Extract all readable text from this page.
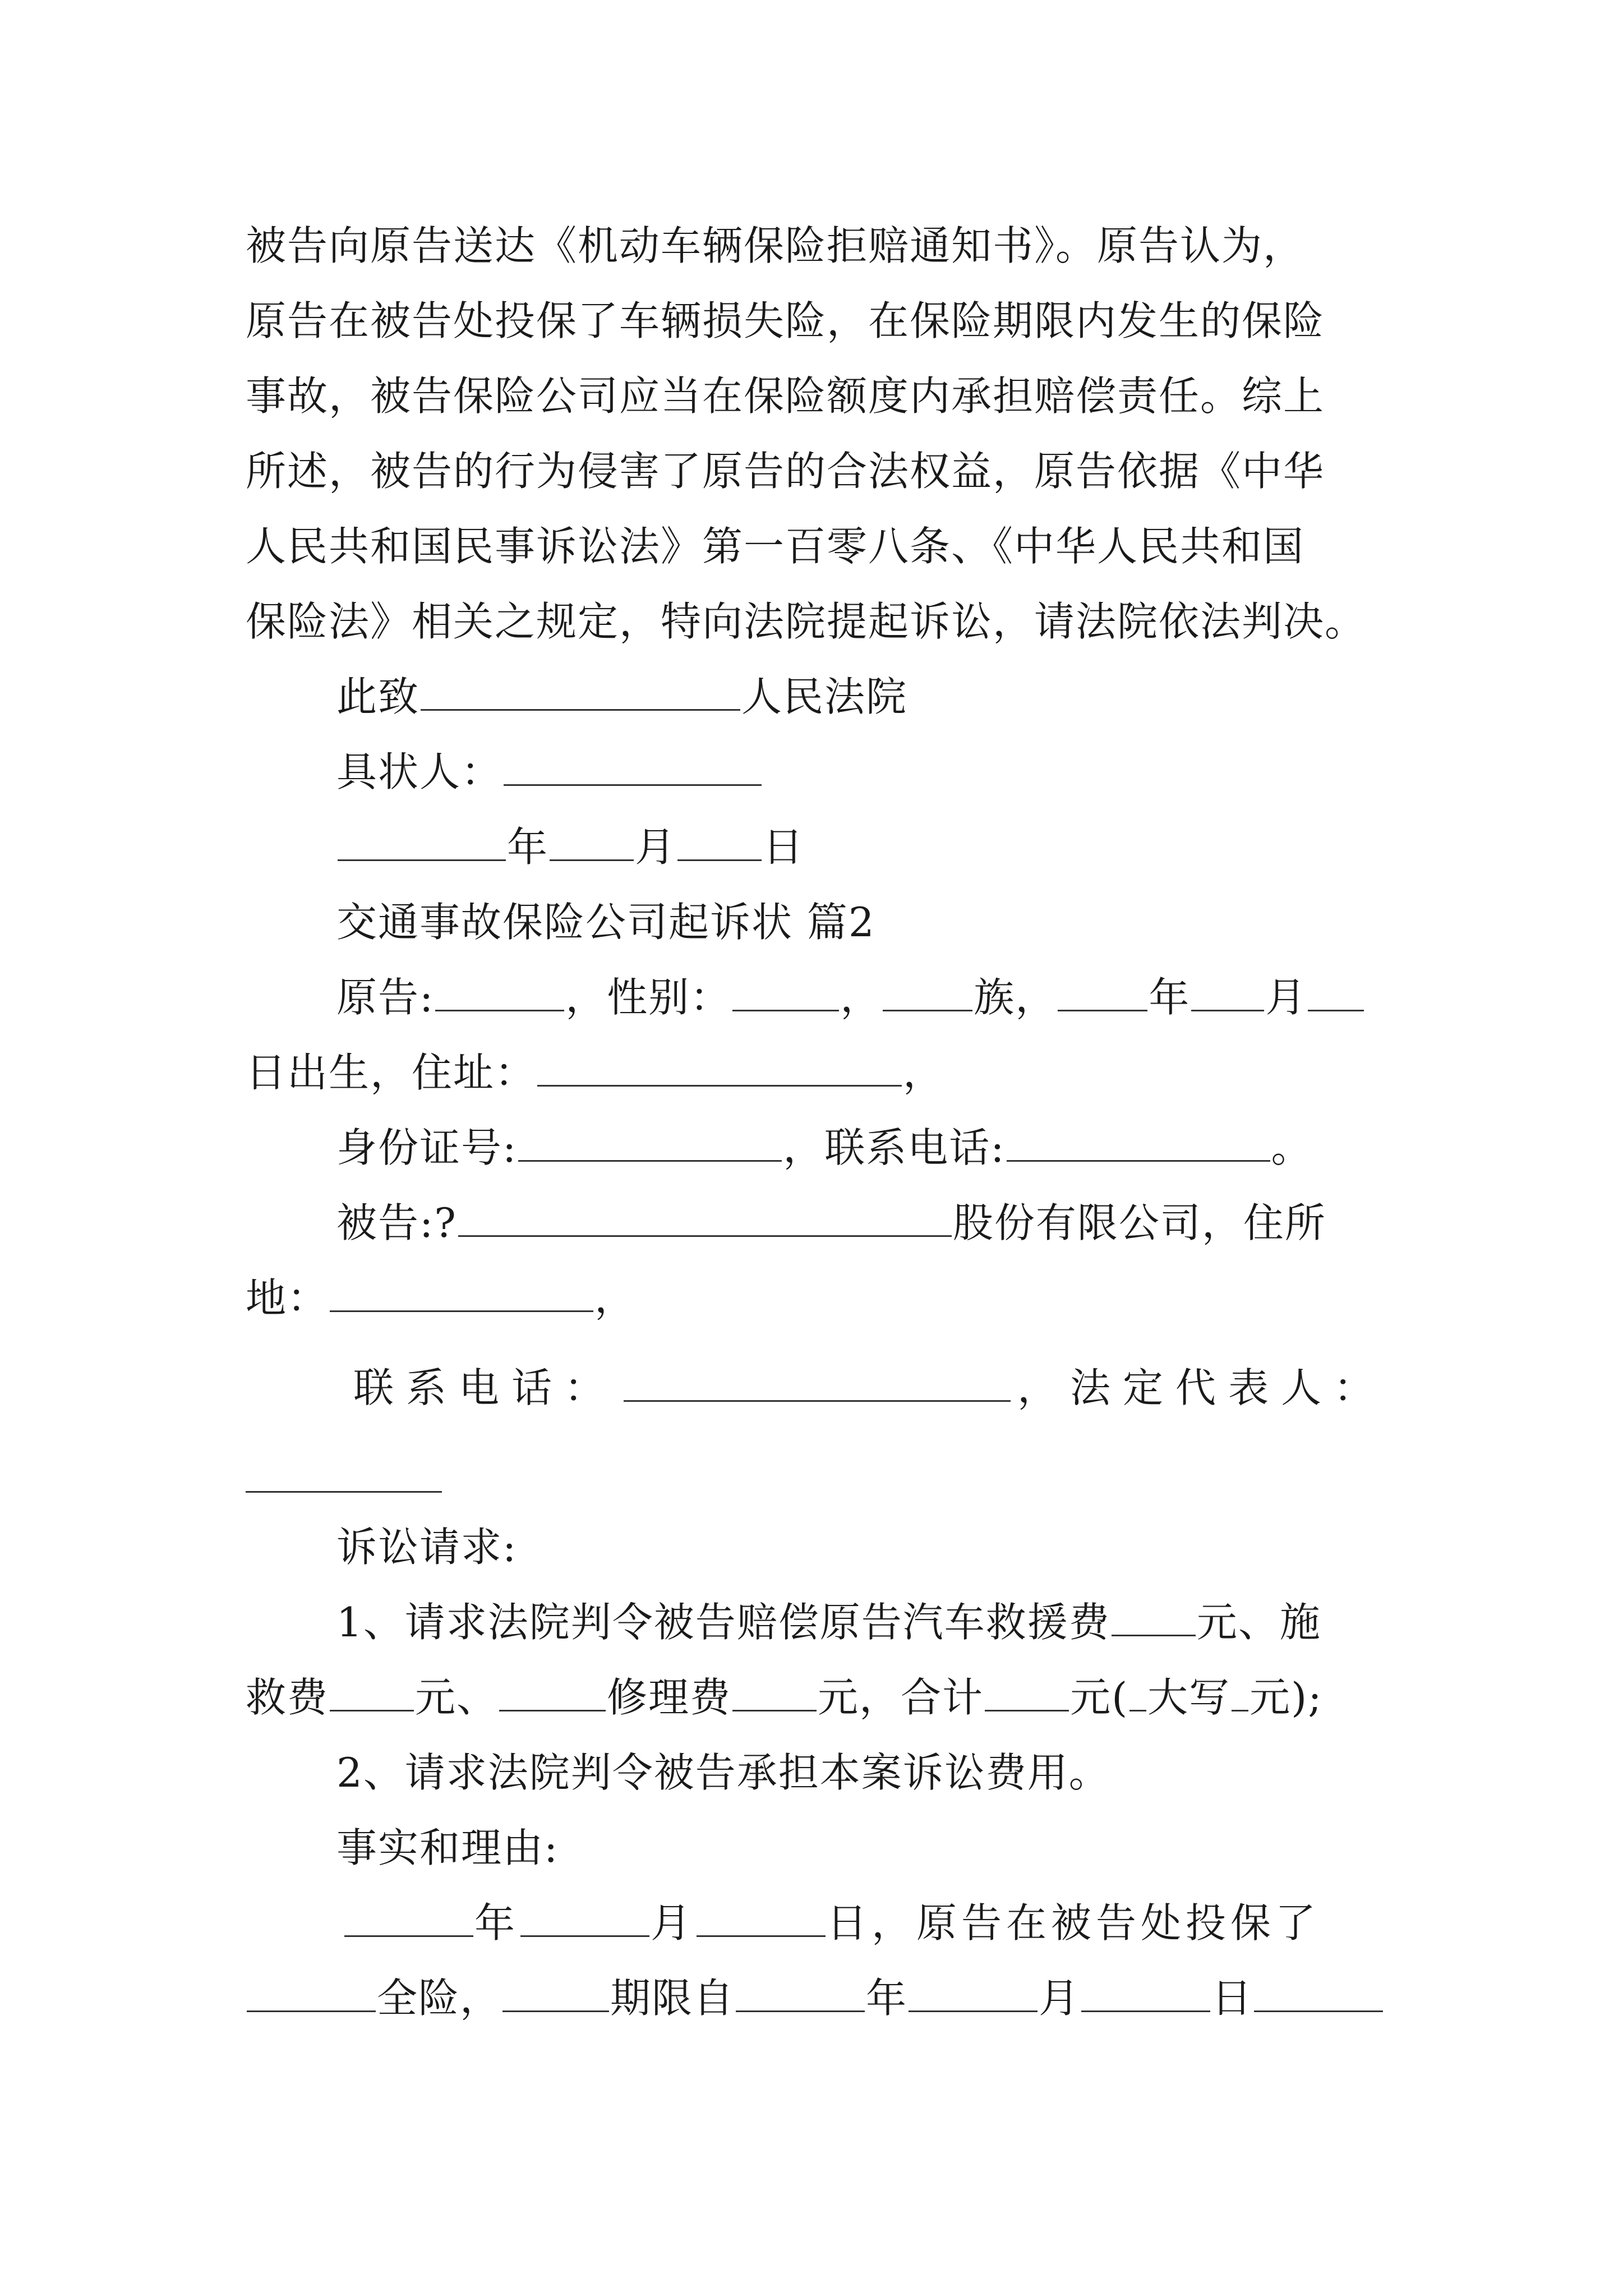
被告向原告送达《机动车辆保险拒赔通知书》。原告认为，
原告在被告处投保了车辆损失险，在保险期限内发生的保险
事故，被告保险公司应当在保险额度内承担赔偿责任。综上
所述，被告的行为侵害了原告的合法权益，原告依据《中华
人民共和国民事诉讼法》第一百零八条、《中华人民共和国
保险法》相关之规定，特向法院提起诉讼，请法院依法判决。
此致	人民法院
具状人：
年 月 日
交通事故保险公司起诉状 篇2
原告:	，性别：	， 族， 年 月
日出生，住址：	，
身份证号:	，联系电话:	。
被告:?	股份有限公司，住所
地：	，
联系电话：	，法定代表人：
诉讼请求:
1、请求法院判令被告赔偿原告汽车救援费 元、施
救费 元、	修理费 元，合计 元( 大写 元);
2、请求法院判令被告承担本案诉讼费用。
事实和理由:
年	月	日，原告在被告处投保了
全险，	期限自	年	月	日
